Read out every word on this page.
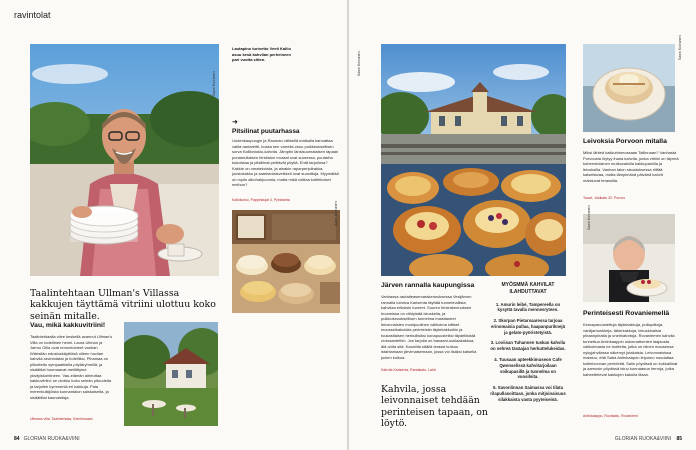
ravintolat
Sanni Koivunen
Lautapino turinetto Veeti Kallio asuu kesä kahvilan perheineen pari vuotta sitten.
➜
Pitsilinat puutarhassa
Uudenkaupungin ja Rauman välisellä matkalla kannattaa valita rantareitti, koska sen varrella ceuu poikkeuksellisen sorva Kallioniokio-kahvila. Jämptin länsisuomalaisen tapaan punamultaisen hirsitalon muraat ovat suoressa, puutarha kukoistaa ja pitsiliinat peittävät pöytiä. Entä tarjoiluna? Kakkie on omatekoista, ja ainakin raparperipiirakka, juustokakku ja saaristolaisvelkkeli ovat suosittuja. Myymälää on myös alkohahjuonnia, mutta mikä voittaa kotilekoiset meihun?
Kalliokoiso, Pappinkujat 4, Pyhäranta
Sanni Koivunen
Taalintehtaan Ullman's Villassa kakkujen täyttämä vitriini ulottuu koko seinän mitalle.
Vau, mikä kakkuvitriini!
Taalintehtaalla vilee keskellä avannut Ullman's Villa on todellinen helmi. Laura Ullman ja Jarmo Olila ovat remontoineet vanhan Wärtsilän edustuskäyttöisä olleen huvilan kahvila-ravintolaksi ja hotelliksi. Pihamaa on pilkuttettu sympaattisilla pöytäryhmillä, ja sisäätilat huumaavat meiltittyine yksityiskohtineen. Vau-elämän aiheuttaa kakkuvitriini: se ulottuu koko seinän pituudelta ja tarjoilee kymmeniä eri kakkuja. Pala merenkulkijöista kunnantalon salskaiselta, ja sisäättilat kaunaisiisja.
Ullmans villa, Taalintehdas, Kemiönsaari
84 GLORIAN RUOKA&VIINI
Sanni Koivunen
Järven rannalla kaupungissa
Vanhassa rautatieasemarakennuksessa Vesijärven rannalla toimiva Karisenta täyttää tunnelmallista kahvilaa eriksisin tuoreet. Suuren hirsirakennuksen huoneissa on viihtyisää istuskella, ja puikkokeuoksellisen tunnelma maisitaneet leivonnaisien monipuolinen valikoima sittiset mousseikakuisita perinteisiin täytekakkuihin ja toukastiaisen herkullisiksi konapuusteiksi täydellisistä croissanteihin. Jos tarjolla on banaani-suklaakakkua, älä ohita sitä. Kauniilla säällä terassi kutsuu istahtamaan järvimaisemaan, jossa voi lisäksi katsella junien kulkua.
Kahvila Karisenta, Rantakatu, Lahti
Kahvila, jossa leivonnaiset tehdään perinteisen tapaan, on löytö.
MYÖSMMÄ KAHVILAT ILAHDUTTAVAT
1. Amurin leibé, Tampereella on kysyttä tavalla mennesryteen.
2. Skorpan Pietarsaaressa tarjoaa erinomaisia pullaa, haapanpuriknejä ja gelato-pyöristetyistä.
3. Loviisan Tuhannen tuskan kahvila on vehreä täsäajan herkuttelukeidas.
4. Tuusaan apteekkimuseon Cafe Qwenselissä kahvitarjoilaan voikupasillä ja tunnelma on vuosilsita.
5. Savonlinnan Saimassa voi tilata rilapullasoittaan, jonka mitjoinaisuus silakkaista vasta pyyteiseinä.
Sanni Koivunen
Leivoksia Porvoon mitalla
Miksi lähteä kakkuhinmossaan Tallinnaan? Vanhasta Porvoosta löytyy ihana kahvila, jonka vitriini on täynnä koheentoisinen mutkuvaisilla kakkupaloilla ja leivoksilla. Vanhan talon sisustuksessa riittää katseltavaa, mutta lämpimänä päivänä kahvit maistuvat terassilla.
Tauve, Jokikatu 32, Porvoo
Sanni Koivunen
Perinteisesti Rovaniemellä
Kemaparoostettuja täytekakkuja, pullapitkoja, vaniljamunkkeja, täkerkakkuja, lekuskinaisia piiraanpiiraita ja unelmatortuja. Rovaniemen kahvila tunnettua Antinkaappin uskomattomien laajaosta valikoimasta ne tuotteita, jotka on niinen mausensa nykyjahvilassa näkemyt jotakaisia. Leivonnaisissa maistuu, että Saba Antinkaapon leipomo noudattaa kotileivonnan perinteitä. Salin pöydissä on kukkaliinat ja aamusin pöydissä istuu kunnaanua herroja, jotka kaheettelevat kakkujen kakulla tilaan.
Antinkaappo, Rovakatu, Rovaniemi
GLORIAN RUOKA&VIINI 85
